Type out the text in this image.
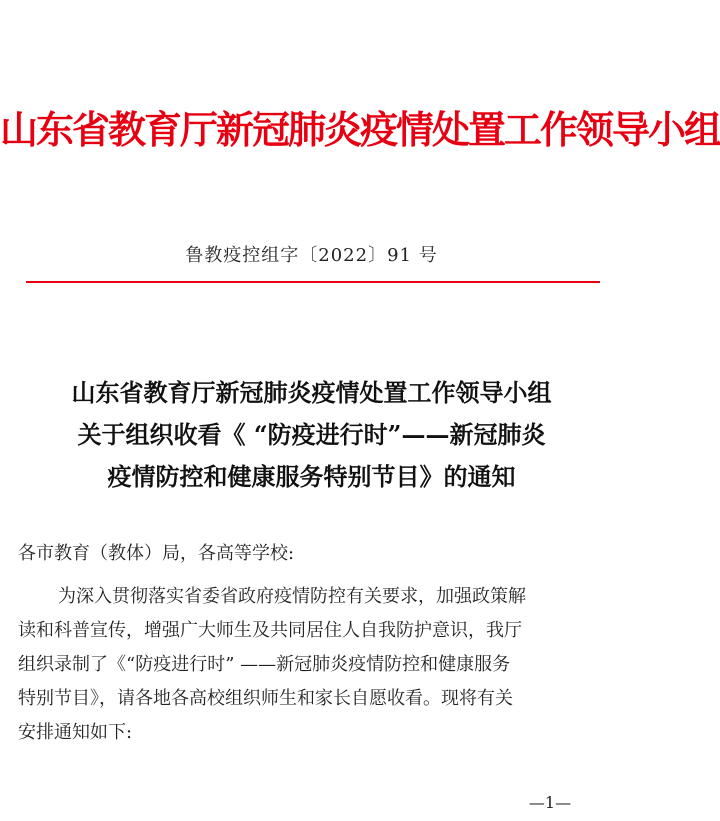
山东省教育厅新冠肺炎疫情处置工作领导小组
鲁教疫控组字〔2022〕91 号
山东省教育厅新冠肺炎疫情处置工作领导小组
关于组织收看《 “防疫进行时”——新冠肺炎
疫情防控和健康服务特别节目》的通知
各市教育（教体）局，各高等学校:
为深入贯彻落实省委省政府疫情防控有关要求，加强政策解
读和科普宣传，增强广大师生及共同居住人自我防护意识，我厅
组织录制了《“防疫进行时” ——新冠肺炎疫情防控和健康服务
特别节目》，请各地各高校组织师生和家长自愿收看。现将有关
安排通知如下:
—1—
